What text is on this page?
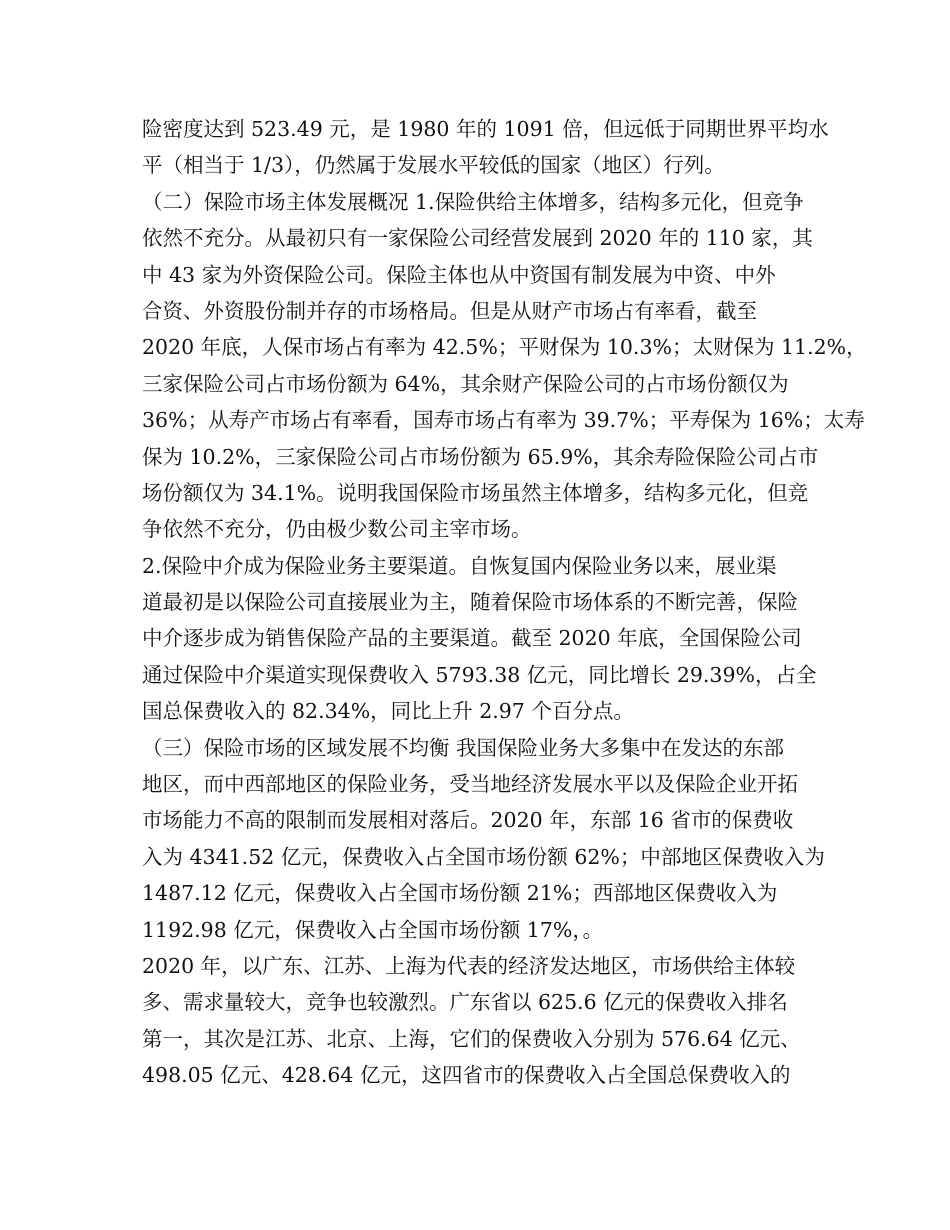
险密度达到 523.49 元，是 1980 年的 1091 倍，但远低于同期世界平均水
平（相当于 1/3），仍然属于发展水平较低的国家（地区）行列。
（二）保险市场主体发展概况 1.保险供给主体增多，结构多元化，但竞争
依然不充分。从最初只有一家保险公司经营发展到 2020 年的 110 家，其
中 43 家为外资保险公司。保险主体也从中资国有制发展为中资、中外
合资、外资股份制并存的市场格局。但是从财产市场占有率看，截至
2020 年底，人保市场占有率为 42.5%；平财保为 10.3%；太财保为 11.2%，
三家保险公司占市场份额为 64%，其余财产保险公司的占市场份额仅为
36%；从寿产市场占有率看，国寿市场占有率为 39.7%；平寿保为 16%；太寿
保为 10.2%，三家保险公司占市场份额为 65.9%，其余寿险保险公司占市
场份额仅为 34.1%。说明我国保险市场虽然主体增多，结构多元化，但竞
争依然不充分，仍由极少数公司主宰市场。
2.保险中介成为保险业务主要渠道。自恢复国内保险业务以来，展业渠
道最初是以保险公司直接展业为主，随着保险市场体系的不断完善，保险
中介逐步成为销售保险产品的主要渠道。截至 2020 年底，全国保险公司
通过保险中介渠道实现保费收入 5793.38 亿元，同比增长 29.39%，占全
国总保费收入的 82.34%，同比上升 2.97 个百分点。
（三）保险市场的区域发展不均衡 我国保险业务大多集中在发达的东部
地区，而中西部地区的保险业务，受当地经济发展水平以及保险企业开拓
市场能力不高的限制而发展相对落后。2020 年，东部 16 省市的保费收
入为 4341.52 亿元，保费收入占全国市场份额 62%；中部地区保费收入为
1487.12 亿元，保费收入占全国市场份额 21%；西部地区保费收入为
1192.98 亿元，保费收入占全国市场份额 17%，。
2020 年，以广东、江苏、上海为代表的经济发达地区，市场供给主体较
多、需求量较大，竞争也较激烈。广东省以 625.6 亿元的保费收入排名
第一，其次是江苏、北京、上海，它们的保费收入分别为 576.64 亿元、
498.05 亿元、428.64 亿元，这四省市的保费收入占全国总保费收入的
